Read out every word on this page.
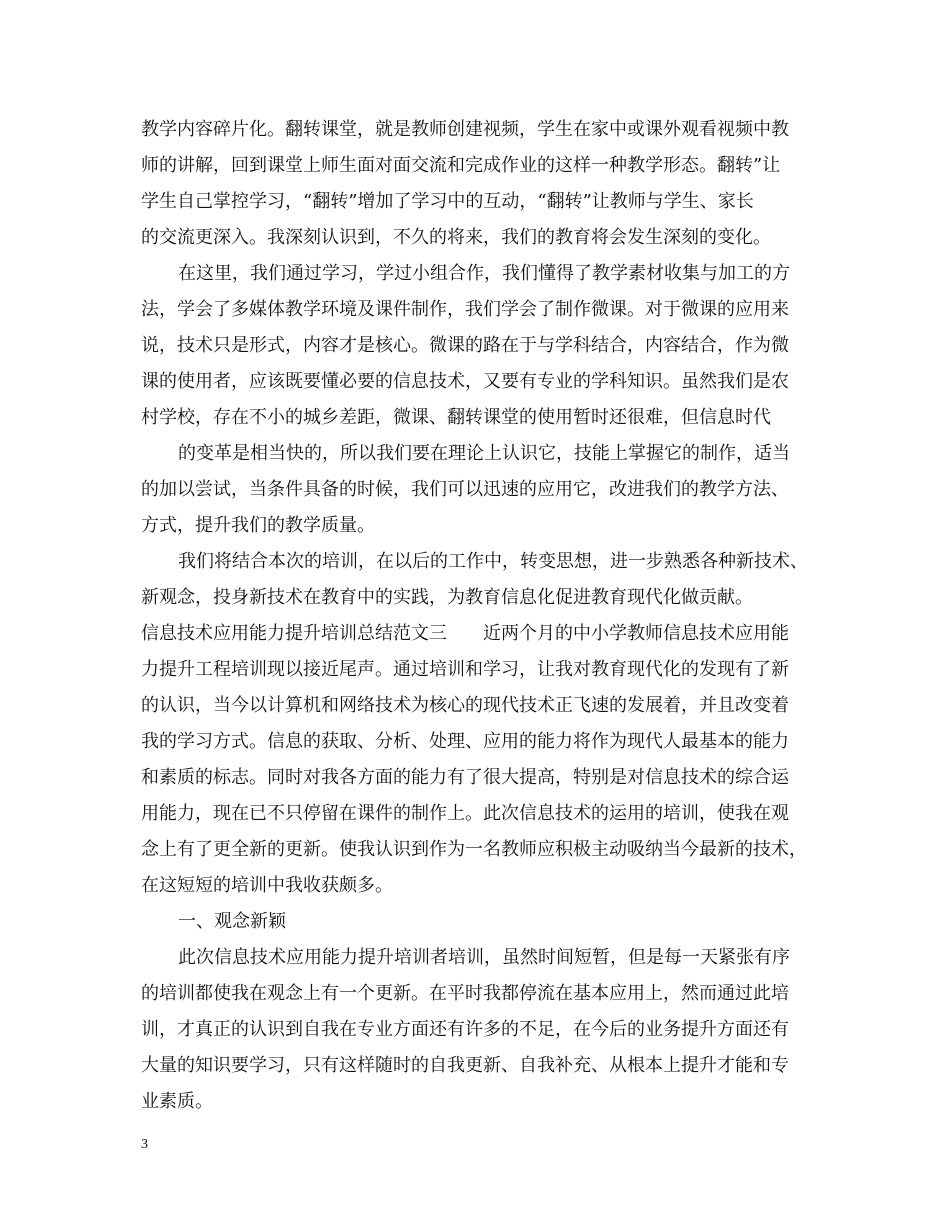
教学内容碎片化。翻转课堂，就是教师创建视频，学生在家中或课外观看视频中教
师的讲解，回到课堂上师生面对面交流和完成作业的这样一种教学形态。翻转”让
学生自己掌控学习，“翻转”增加了学习中的互动，“翻转”让教师与学生、家长
的交流更深入。我深刻认识到，不久的将来，我们的教育将会发生深刻的变化。
在这里，我们通过学习，学过小组合作，我们懂得了教学素材收集与加工的方
法，学会了多媒体教学环境及课件制作，我们学会了制作微课。对于微课的应用来
说，技术只是形式，内容才是核心。微课的路在于与学科结合，内容结合，作为微
课的使用者，应该既要懂必要的信息技术，又要有专业的学科知识。虽然我们是农
村学校，存在不小的城乡差距，微课、翻转课堂的使用暂时还很难，但信息时代
的变革是相当快的，所以我们要在理论上认识它，技能上掌握它的制作，适当
的加以尝试，当条件具备的时候，我们可以迅速的应用它，改进我们的教学方法、
方式，提升我们的教学质量。
我们将结合本次的培训，在以后的工作中，转变思想，进一步熟悉各种新技术、
新观念，投身新技术在教育中的实践，为教育信息化促进教育现代化做贡献。
信息技术应用能力提升培训总结范文三　　近两个月的中小学教师信息技术应用能
力提升工程培训现以接近尾声。通过培训和学习，让我对教育现代化的发现有了新
的认识，当今以计算机和网络技术为核心的现代技术正飞速的发展着，并且改变着
我的学习方式。信息的获取、分析、处理、应用的能力将作为现代人最基本的能力
和素质的标志。同时对我各方面的能力有了很大提高，特别是对信息技术的综合运
用能力，现在已不只停留在课件的制作上。此次信息技术的运用的培训，使我在观
念上有了更全新的更新。使我认识到作为一名教师应积极主动吸纳当今最新的技术，
在这短短的培训中我收获颇多。
一、观念新颖
此次信息技术应用能力提升培训者培训，虽然时间短暂，但是每一天紧张有序
的培训都使我在观念上有一个更新。在平时我都停流在基本应用上，然而通过此培
训，才真正的认识到自我在专业方面还有许多的不足，在今后的业务提升方面还有
大量的知识要学习，只有这样随时的自我更新、自我补充、从根本上提升才能和专
业素质。
3
